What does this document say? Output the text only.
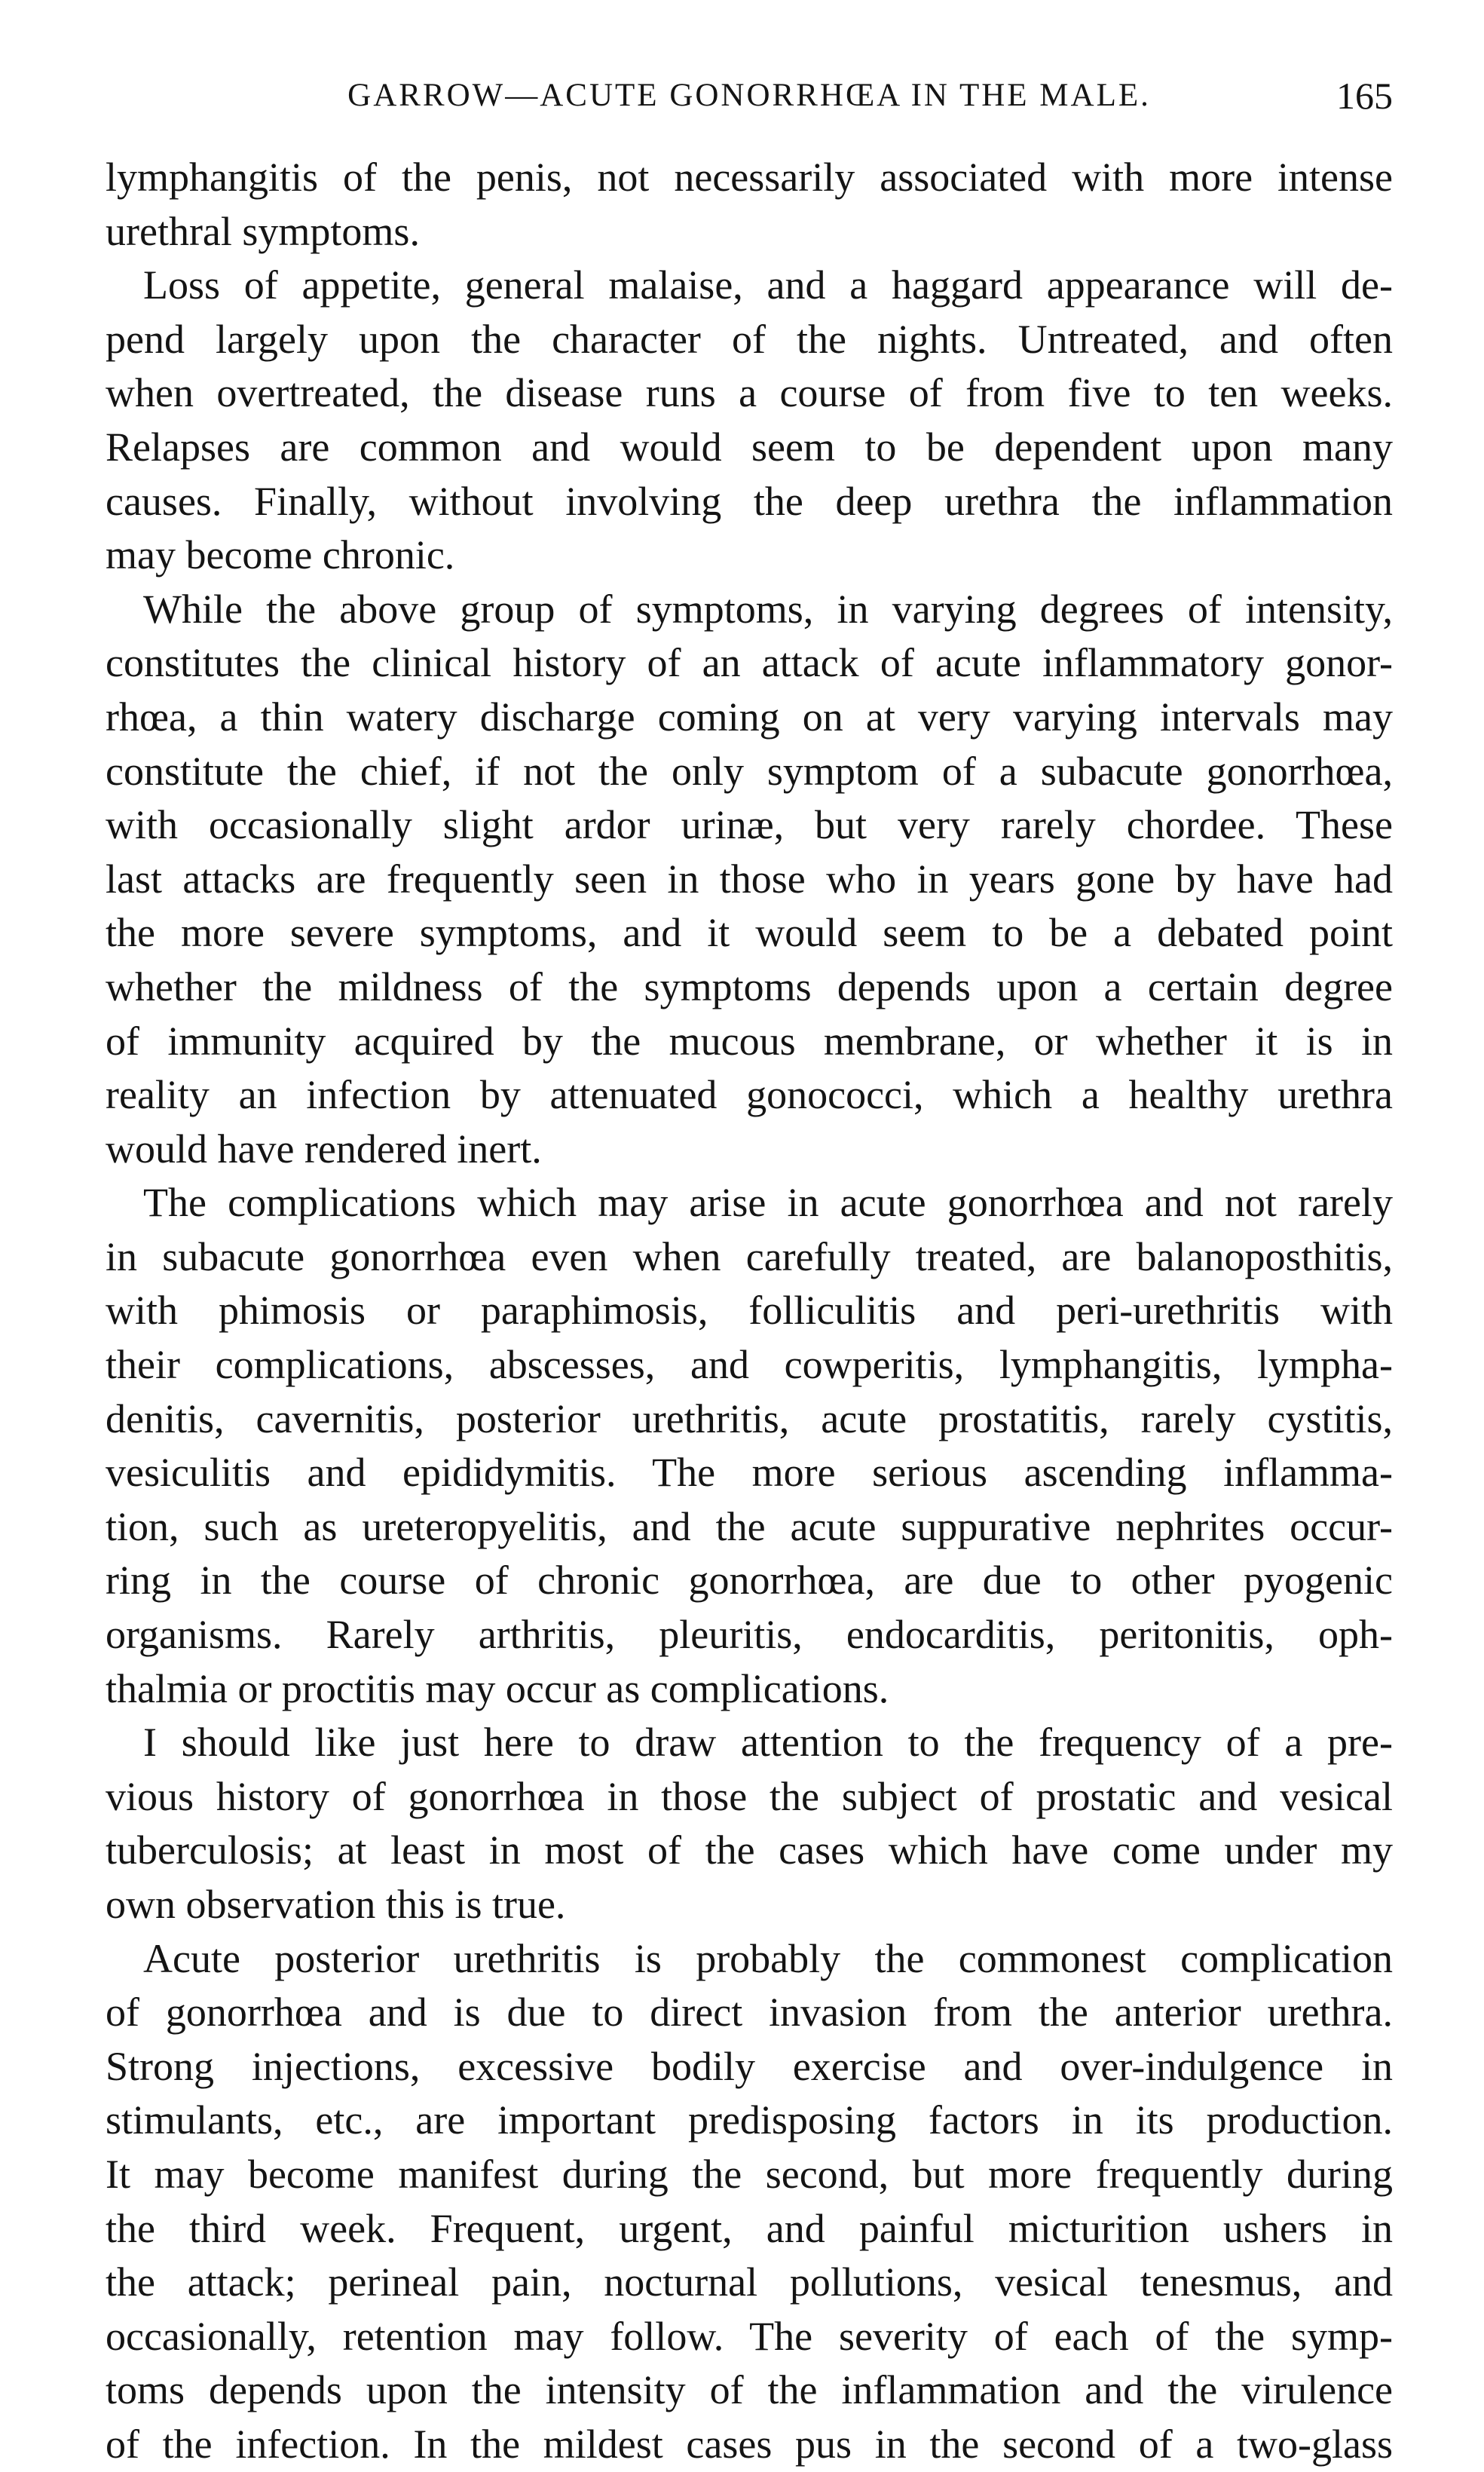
GARROW—ACUTE GONORRHŒA IN THE MALE.	165
lymphangitis of the penis, not necessarily associated with more intense
urethral symptoms.
Loss of appetite, general malaise, and a haggard appearance will de-
pend largely upon the character of the nights. Untreated, and often
when overtreated, the disease runs a course of from five to ten weeks.
Relapses are common and would seem to be dependent upon many
causes. Finally, without involving the deep urethra the inflammation
may become chronic.
While the above group of symptoms, in varying degrees of intensity,
constitutes the clinical history of an attack of acute inflammatory gonor-
rhœa, a thin watery discharge coming on at very varying intervals may
constitute the chief, if not the only symptom of a subacute gonorrhœa,
with occasionally slight ardor urinæ, but very rarely chordee. These
last attacks are frequently seen in those who in years gone by have had
the more severe symptoms, and it would seem to be a debated point
whether the mildness of the symptoms depends upon a certain degree
of immunity acquired by the mucous membrane, or whether it is in
reality an infection by attenuated gonococci, which a healthy urethra
would have rendered inert.
The complications which may arise in acute gonorrhœa and not rarely
in subacute gonorrhœa even when carefully treated, are balanoposthitis,
with phimosis or paraphimosis, folliculitis and peri-urethritis with
their complications, abscesses, and cowperitis, lymphangitis, lympha-
denitis, cavernitis, posterior urethritis, acute prostatitis, rarely cystitis,
vesiculitis and epididymitis. The more serious ascending inflamma-
tion, such as ureteropyelitis, and the acute suppurative nephrites occur-
ring in the course of chronic gonorrhœa, are due to other pyogenic
organisms. Rarely arthritis, pleuritis, endocarditis, peritonitis, oph-
thalmia or proctitis may occur as complications.
I should like just here to draw attention to the frequency of a pre-
vious history of gonorrhœa in those the subject of prostatic and vesical
tuberculosis; at least in most of the cases which have come under my
own observation this is true.
Acute posterior urethritis is probably the commonest complication
of gonorrhœa and is due to direct invasion from the anterior urethra.
Strong injections, excessive bodily exercise and over-indulgence in
stimulants, etc., are important predisposing factors in its production.
It may become manifest during the second, but more frequently during
the third week. Frequent, urgent, and painful micturition ushers in
the attack; perineal pain, nocturnal pollutions, vesical tenesmus, and
occasionally, retention may follow. The severity of each of the symp-
toms depends upon the intensity of the inflammation and the virulence
of the infection. In the mildest cases pus in the second of a two-glass
